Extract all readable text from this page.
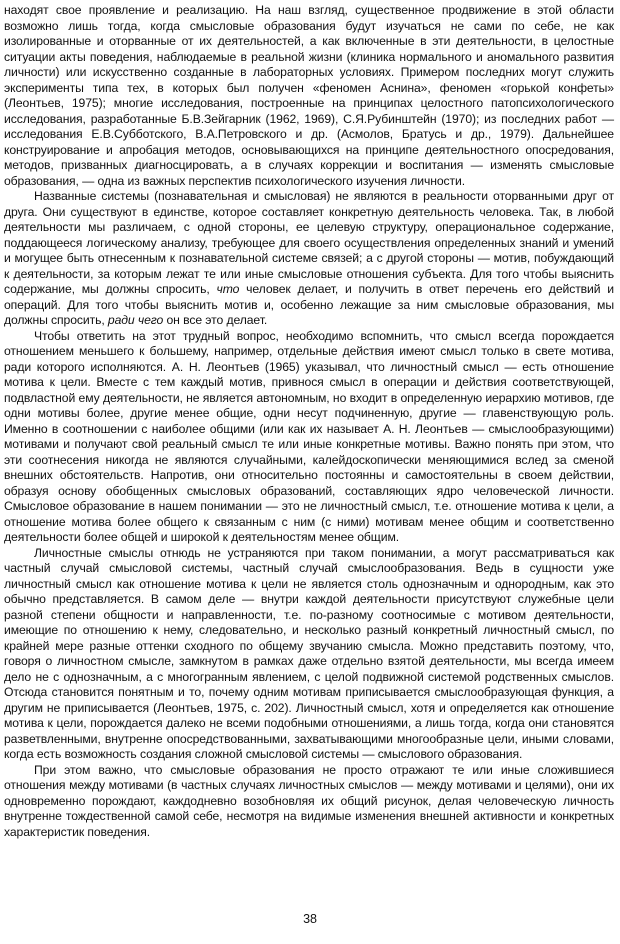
находят свое проявление и реализацию. На наш взгляд, существенное продвижение в этой области возможно лишь тогда, когда смысловые образования будут изучаться не сами по себе, не как изолированные и оторванные от их деятельностей, а как включенные в эти деятельности, в целостные ситуации акты поведения, наблюдаемые в реальной жизни (клиника нормального и аномального развития личности) или искусственно созданные в лабораторных условиях. Примером последних могут служить эксперименты типа тех, в которых был получен «феномен Аснина», феномен «горькой конфеты» (Леонтьев, 1975); многие исследования, построенные на принципах целостного патопсихологического исследования, разработанные Б.В.Зейгарник (1962, 1969), С.Я.Рубинштейн (1970); из последних работ — исследования Е.В.Субботского, В.А.Петровского и др. (Асмолов, Братусь и др., 1979). Дальнейшее конструирование и апробация методов, основывающихся на принципе деятельностного опосредования, методов, призванных диагносцировать, а в случаях коррекции и воспитания — изменять смысловые образования, — одна из важных перспектив психологического изучения личности.

Названные системы (познавательная и смысловая) не являются в реальности оторванными друг от друга. Они существуют в единстве, которое составляет конкретную деятельность человека. Так, в любой деятельности мы различаем, с одной стороны, ее целевую структуру, операциональное содержание, поддающееся логическому анализу, требующее для своего осуществления определенных знаний и умений и могущее быть отнесенным к познавательной системе связей; а с другой стороны — мотив, побуждающий к деятельности, за которым лежат те или иные смысловые отношения субъекта. Для того чтобы выяснить содержание, мы должны спросить, что человек делает, и получить в ответ перечень его действий и операций. Для того чтобы выяснить мотив и, особенно лежащие за ним смысловые образования, мы должны спросить, ради чего он все это делает.

Чтобы ответить на этот трудный вопрос, необходимо вспомнить, что смысл всегда порождается отношением меньшего к большему, например, отдельные действия имеют смысл только в свете мотива, ради которого исполняются. А. Н. Леонтьев (1965) указывал, что личностный смысл — есть отношение мотива к цели. Вместе с тем каждый мотив, привнося смысл в операции и действия соответствующей, подвластной ему деятельности, не является автономным, но входит в определенную иерархию мотивов, где одни мотивы более, другие менее общие, одни несут подчиненную, другие — главенствующую роль. Именно в соотношении с наиболее общими (или как их называет А. Н. Леонтьев — смыслообразующими) мотивами и получают свой реальный смысл те или иные конкретные мотивы. Важно понять при этом, что эти соотнесения никогда не являются случайными, калейдоскопически меняющимися вслед за сменой внешних обстоятельств. Напротив, они относительно постоянны и самостоятельны в своем действии, образуя основу обобщенных смысловых образований, составляющих ядро человеческой личности. Смысловое образование в нашем понимании — это не личностный смысл, т.е. отношение мотива к цели, а отношение мотива более общего к связанным с ним (с ними) мотивам менее общим и соответственно деятельности более общей и широкой к деятельностям менее общим.

Личностные смыслы отнюдь не устраняются при таком понимании, а могут рассматриваться как частный случай смысловой системы, частный случай смыслообразования. Ведь в сущности уже личностный смысл как отношение мотива к цели не является столь однозначным и однородным, как это обычно представляется. В самом деле — внутри каждой деятельности присутствуют служебные цели разной степени общности и направленности, т.е. по-разному соотносимые с мотивом деятельности, имеющие по отношению к нему, следовательно, и несколько разный конкретный личностный смысл, по крайней мере разные оттенки сходного по общему звучанию смысла. Можно представить поэтому, что, говоря о личностном смысле, замкнутом в рамках даже отдельно взятой деятельности, мы всегда имеем дело не с однозначным, а с многогранным явлением, с целой подвижной системой родственных смыслов. Отсюда становится понятным и то, почему одним мотивам приписывается смыслообразующая функция, а другим не приписывается (Леонтьев, 1975, с. 202). Личностный смысл, хотя и определяется как отношение мотива к цели, порождается далеко не всеми подобными отношениями, а лишь тогда, когда они становятся разветвленными, внутренне опосредствованными, захватывающими многообразные цели, иными словами, когда есть возможность создания сложной смысловой системы — смыслового образования.

При этом важно, что смысловые образования не просто отражают те или иные сложившиеся отношения между мотивами (в частных случаях личностных смыслов — между мотивами и целями), они их одновременно порождают, каждодневно возобновляя их общий рисунок, делая человеческую личность внутренне тождественной самой себе, несмотря на видимые изменения внешней активности и конкретных характеристик поведения.

38
